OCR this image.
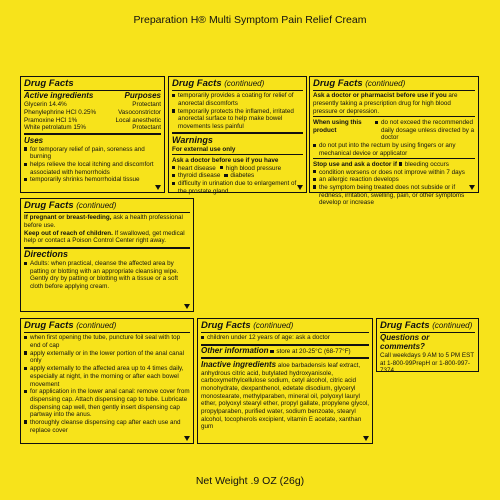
Preparation H® Multi Symptom Pain Relief Cream
Drug Facts
Active ingredients	Purposes
Glycerin 14.4%	Protectant
Phenylephrine HCl 0.25%	Vasoconstrictor
Pramoxine HCl 1%	Local anesthetic
White petrolatum 15%	Protectant
Uses
for temporary relief of pain, soreness and burning
helps relieve the local itching and discomfort associated with hemorrhoids
temporarily shrinks hemorrhoidal tissue
Drug Facts (continued)
temporarily provides a coating for relief of anorectal discomforts
temporarily protects the inflamed, irritated anorectal surface to help make bowel movements less painful
Warnings
For external use only
Ask a doctor before use if you have
heart disease high blood pressure
thyroid disease diabetes
difficulty in urination due to enlargement of the prostate gland
Drug Facts (continued)
Ask a doctor or pharmacist before use if you are presently taking a prescription drug for high blood pressure or depression.
When using this product
do not exceed the recommended daily dosage unless directed by a doctor
do not put into the rectum by using fingers or any mechanical device or applicator
Stop use and ask a doctor if bleeding occurs
condition worsens or does not improve within 7 days
an allergic reaction develops
the symptom being treated does not subside or if redness, irritation, swelling, pain, or other symptoms develop or increase
Drug Facts (continued)
If pregnant or breast-feeding, ask a health professional before use.
Keep out of reach of children. If swallowed, get medical help or contact a Poison Control Center right away.
Directions
Adults: when practical, cleanse the affected area by patting or blotting with an appropriate cleansing wipe. Gently dry by patting or blotting with a tissue or a soft cloth before applying cream.
Drug Facts (continued)
when first opening the tube, puncture foil seal with top end of cap
apply externally or in the lower portion of the anal canal only
apply externally to the affected area up to 4 times daily, especially at night, in the morning or after each bowel movement
for application in the lower anal canal: remove cover from dispensing cap. Attach dispensing cap to tube. Lubricate dispensing cap well, then gently insert dispensing cap partway into the anus.
thoroughly cleanse dispensing cap after each use and replace cover
Drug Facts (continued)
children under 12 years of age: ask a doctor
Other information store at 20-25°C (68-77°F)
Inactive ingredients aloe barbadensis leaf extract, anhydrous citric acid, butylated hydroxyanisole, carboxymethylcellulose sodium, cetyl alcohol, citric acid monohydrate, dexpanthenol, edetate disodium, glyceryl monostearate, methylparaben, mineral oil, polyoxyl lauryl ether, polyoxyl stearyl ether, propyl gallate, propylene glycol, propylparaben, purified water, sodium benzoate, stearyl alcohol, tocopherols excipient, vitamin E acetate, xanthan gum
Drug Facts (continued)
Questions or comments?
Call weekdays 9 AM to 5 PM EST at 1-800-99PrepH or 1-800-997-7374
Net Weight .9 OZ (26g)
